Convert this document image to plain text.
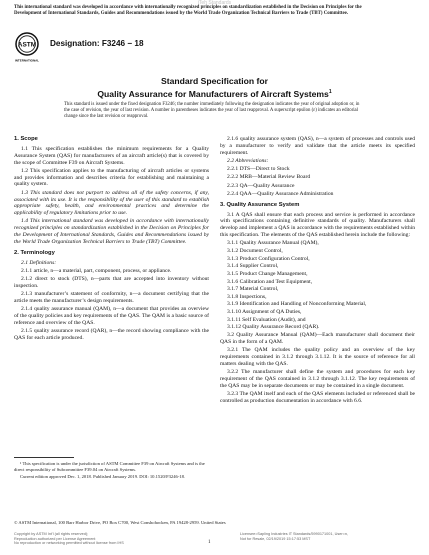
iTeh Standards

This international standard was developed in accordance with internationally recognized principles on standardization established in the Decision on Principles for the

Development of International Standards, Guides and Recommendations issued by the World Trade Organization Technical Barriers to Trade (TBT) Committee.

ASTM
INTERNATIONAL
Designation: F3246 − 18
Standard Specification for
Quality Assurance for Manufacturers of Aircraft Systems$^1$
This standard is issued under the fixed designation F3246; the number immediately following the designation indicates the year of original adoption or, in the case of revision, the year of last revision. A number in parentheses indicates the year of last reapproval. A superscript epsilon (ε) indicates an editorial change since the last revision or reapproval.
1. Scope

1.1 This specification establishes the minimum requirements for a Quality Assurance System (QAS) for manufacturers of an aircraft article(s) that is covered by the scope of Committee F39 on Aircraft Systems.

1.2 This specification applies to the manufacturing of aircraft articles or systems and provides information and describes criteria for establishing and maintaining a quality system.

1.3 This standard does not purport to address all of the safety concerns, if any, associated with its use. It is the responsibility of the user of this standard to establish appropriate safety, health, and environmental practices and determine the applicability of regulatory limitations prior to use.

1.4 This international standard was developed in accordance with internationally recognized principles on standardization established in the Decision on Principles for the Development of International Standards, Guides and Recommendations issued by the World Trade Organization Technical Barriers to Trade (TBT) Committee.

2. Terminology

2.1 Definitions:

2.1.1 article, n—a material, part, component, process, or appliance.

2.1.2 direct to stock (DTS), n—parts that are accepted into inventory without inspection.

2.1.3 manufacturer’s statement of conformity, n—a document certifying that the article meets the manufacturer’s design requirements.

2.1.4 quality assurance manual (QAM), n—a document that provides an overview of the quality policies and key requirements of the QAS. The QAM is a basic source of reference and overview of the QAS.

2.1.5 quality assurance record (QAR), n—the record showing compliance with the QAS for each article produced.

2.1.6 quality assurance system (QAS), n—a system of processes and controls used by a manufacturer to verify and validate that the article meets its specified requirement.

2.2 Abbreviations:

2.2.1 DTS—Direct to Stock

2.2.2 MRB—Material Review Board

2.2.3 QA—Quality Assurance

2.2.4 QAA—Quality Assurance Administration

3. Quality Assurance System

3.1 A QAS shall ensure that each process and service is performed in accordance with specifications containing definitive standards of quality. Manufacturers shall develop and implement a QAS in accordance with the requirements established within this specification. The elements of the QAS established herein include the following:

3.1.1 Quality Assurance Manual (QAM),

3.1.2 Document Control,

3.1.3 Product Configuration Control,

3.1.4 Supplier Control,

3.1.5 Product Change Management,

3.1.6 Calibration and Test Equipment,

3.1.7 Material Control,

3.1.8 Inspections,

3.1.9 Identification and Handling of Nonconforming Material,

3.1.10 Assignment of QA Duties,

3.1.11 Self Evaluation (Audit), and

3.1.12 Quality Assurance Record (QAR).

3.2 Quality Assurance Manual (QAM)—Each manufacturer shall document their QAS in the form of a QAM.

3.2.1 The QAM includes the quality policy and an overview of the key requirements contained in 3.1.2 through 3.1.12. It is the source of reference for all matters dealing with the QAS.

3.2.2 The manufacturer shall define the system and procedures for each key requirement of the QAS contained in 3.1.2 through 3.1.12. The key requirements of the QAS may be in separate documents or may be contained in a single document.

3.2.3 The QAM itself and each of the QAS elements included or referenced shall be controlled as production documentation in accordance with 6.6.

¹ This specification is under the jurisdiction of ASTM Committee F39 on Aircraft Systems and is the direct responsibility of Subcommittee F39.04 on Aircraft Systems.

Current edition approved Dec. 1, 2018. Published January 2019. DOI: 10.1520/F3246-18.

© ASTM International, 100 Barr Harbor Drive, PO Box C700, West Conshohocken, PA 19428-2959. United States

Copyright by ASTM Int'l (all rights reserved);

Reproduction authorized per License Agreement

No reproduction or networking permitted without license from IHS

Licensee=Sapling Industries IT Standards/5990171001, User=n,

Not for Resale, 02/19/2019 15:17:53 MST

1
